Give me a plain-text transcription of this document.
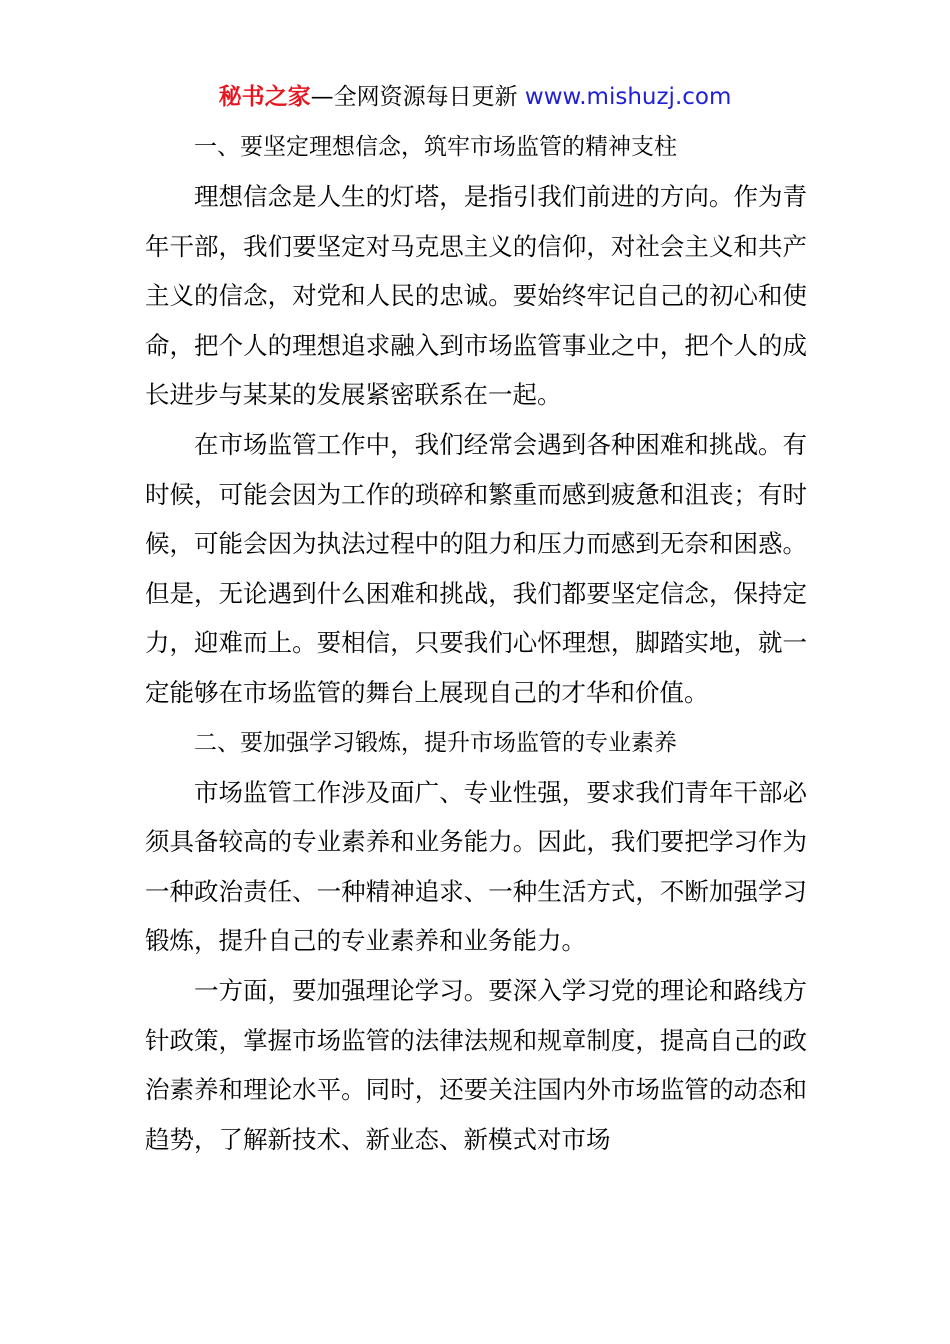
秘书之家—全网资源每日更新 www.mishuzj.com

一、要坚定理想信念，筑牢市场监管的精神支柱

理想信念是人生的灯塔，是指引我们前进的方向。作为青年干部，我们要坚定对马克思主义的信仰，对社会主义和共产主义的信念，对党和人民的忠诚。要始终牢记自己的初心和使命，把个人的理想追求融入到市场监管事业之中，把个人的成长进步与某某的发展紧密联系在一起。

在市场监管工作中，我们经常会遇到各种困难和挑战。有时候，可能会因为工作的琐碎和繁重而感到疲惫和沮丧；有时候，可能会因为执法过程中的阻力和压力而感到无奈和困惑。但是，无论遇到什么困难和挑战，我们都要坚定信念，保持定力，迎难而上。要相信，只要我们心怀理想，脚踏实地，就一定能够在市场监管的舞台上展现自己的才华和价值。

二、要加强学习锻炼，提升市场监管的专业素养

市场监管工作涉及面广、专业性强，要求我们青年干部必须具备较高的专业素养和业务能力。因此，我们要把学习作为一种政治责任、一种精神追求、一种生活方式，不断加强学习锻炼，提升自己的专业素养和业务能力。

一方面，要加强理论学习。要深入学习党的理论和路线方针政策，掌握市场监管的法律法规和规章制度，提高自己的政治素养和理论水平。同时，还要关注国内外市场监管的动态和趋势，了解新技术、新业态、新模式对市场
